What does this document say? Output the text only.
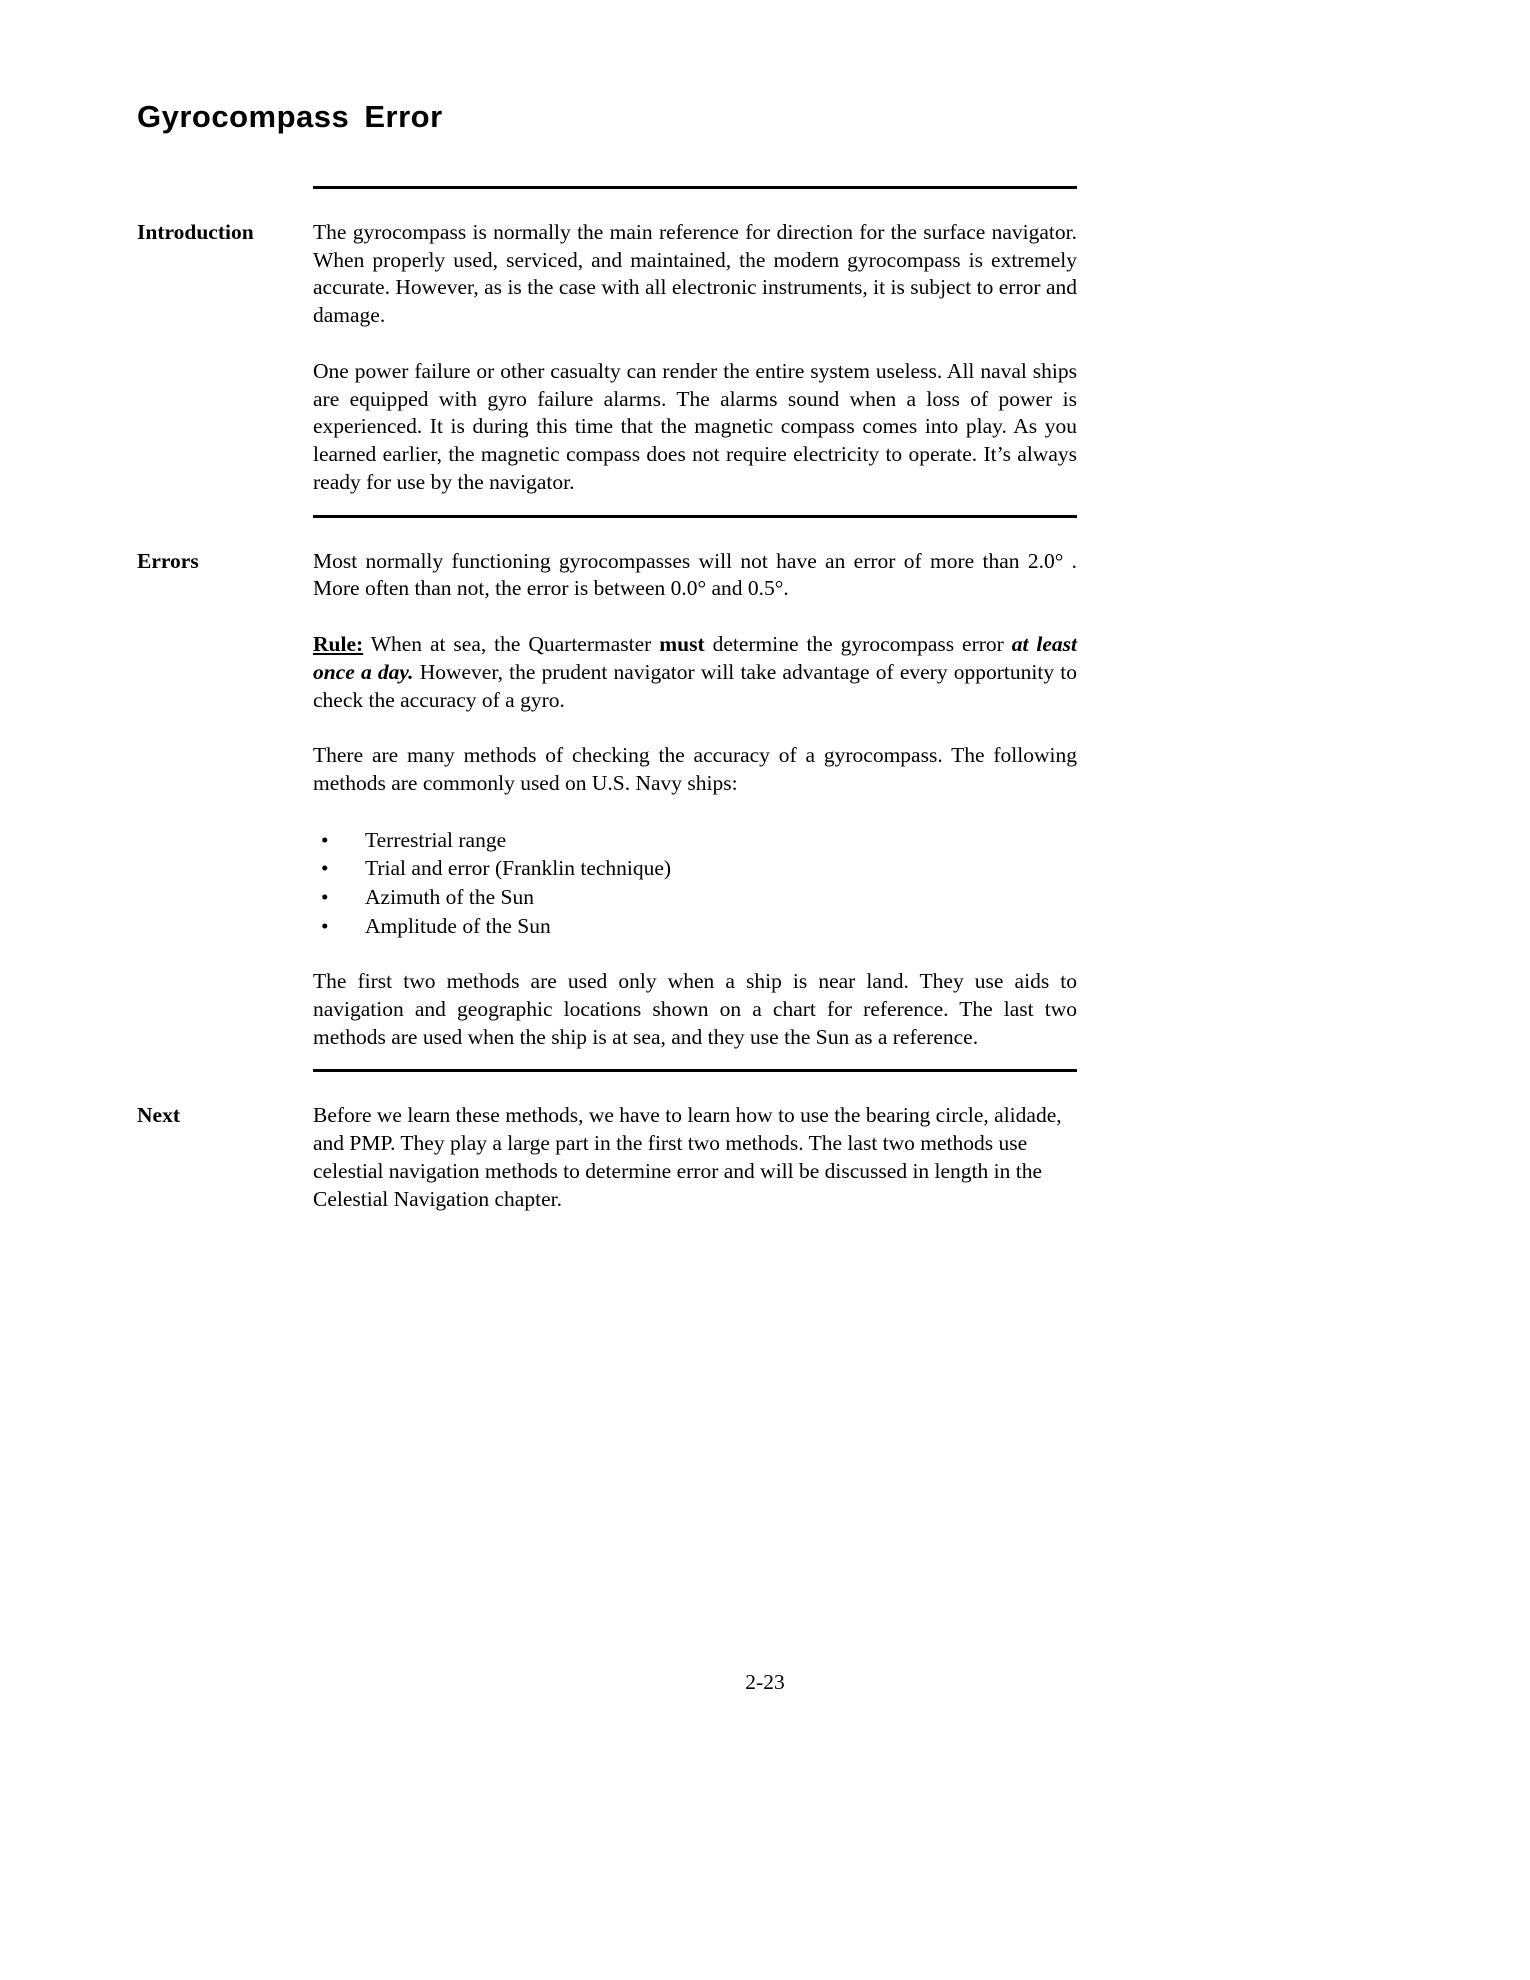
Gyrocompass Error
Introduction	The gyrocompass is normally the main reference for direction for the surface navigator. When properly used, serviced, and maintained, the modern gyrocompass is extremely accurate. However, as is the case with all electronic instruments, it is subject to error and damage.

One power failure or other casualty can render the entire system useless. All naval ships are equipped with gyro failure alarms. The alarms sound when a loss of power is experienced. It is during this time that the magnetic compass comes into play. As you learned earlier, the magnetic compass does not require electricity to operate. It’s always ready for use by the navigator.

Errors	Most normally functioning gyrocompasses will not have an error of more than 2.0° . More often than not, the error is between 0.0° and 0.5°.

Rule: When at sea, the Quartermaster must determine the gyrocompass error at least once a day. However, the prudent navigator will take advantage of every opportunity to check the accuracy of a gyro.

There are many methods of checking the accuracy of a gyrocompass. The following methods are commonly used on U.S. Navy ships:

• Terrestrial range
• Trial and error (Franklin technique)
• Azimuth of the Sun
• Amplitude of the Sun

The first two methods are used only when a ship is near land. They use aids to navigation and geographic locations shown on a chart for reference. The last two methods are used when the ship is at sea, and they use the Sun as a reference.

Next	Before we learn these methods, we have to learn how to use the bearing circle, alidade, and PMP. They play a large part in the first two methods. The last two methods use celestial navigation methods to determine error and will be discussed in length in the Celestial Navigation chapter.

2-23
